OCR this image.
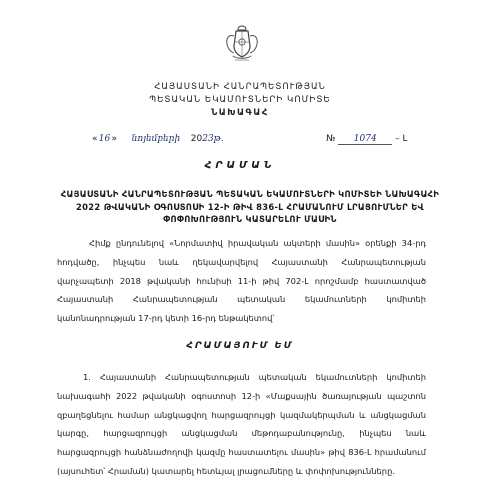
ՀԱՅԱՍՏԱՆԻ ՀԱՆՐԱՊԵՏՈՒԹՅԱՆ
ՊԵՏԱԿԱՆ ԵԿԱՄՈՒՏՆԵՐԻ ԿՈՄԻՏԵ
ՆԱԽԱԳԱՀ
«16» նոյեմբերի 2023թ.	№ 1074 – Լ
ՀՐԱՄԱՆ
ՀԱՅԱՍՏԱՆԻ ՀԱՆՐԱՊԵՏՈՒԹՅԱՆ ՊԵՏԱԿԱՆ ԵԿԱՄՈՒՏՆԵՐԻ ԿՈՄԻՏԵԻ ՆԱԽԱԳԱՀԻ 2022 ԹՎԱԿԱՆԻ ՕԳՈՍՏՈՍԻ 12-Ի ԹԻՎ 836-Լ ՀՐԱՄԱՆՈՒՄ ԼՐԱՑՈՒՄՆԵՐ ԵՎ ՓՈՓՈԽՈՒԹՅՈՒՆ ԿԱՏԱՐԵԼՈՒ ՄԱՍԻՆ
Հիմք ընդունելով «Նորմատիվ իրավական ակտերի մասին» օրենքի 34-րդ հոդվածը, ինչպես նաև ղեկավարվելով Հայաստանի Հանրապետության վարչապետի 2018 թվականի հունիսի 11-ի թիվ 702-Լ որոշմամբ հաստատված Հայաստանի Հանրապետության պետական եկամուտների կոմիտեի կանոնադրության 17-րդ կետի 16-րդ ենթակետով՝
ՀՐԱՄԱՅՈՒՄ ԵՄ
1. Հայաստանի Հանրապետության պետական եկամուտների կոմիտեի նախագահի 2022 թվականի օգոստոսի 12-ի «Մաքսային ծառայության պաշտոն զբաղեցնելու համար անցկացվող հարցազրույցի կազմակերպման և անցկացման կարգը, հարցազրույցի անցկացման մեթոդաբանությունը, ինչպես նաև հարցազրույցի հանձնաժողովի կազմը հաստատելու մասին» թիվ 836-Լ հրամանում (այսուհետ՝ Հրաման) կատարել հետևյալ լրացումները և փոփոխությունները.
